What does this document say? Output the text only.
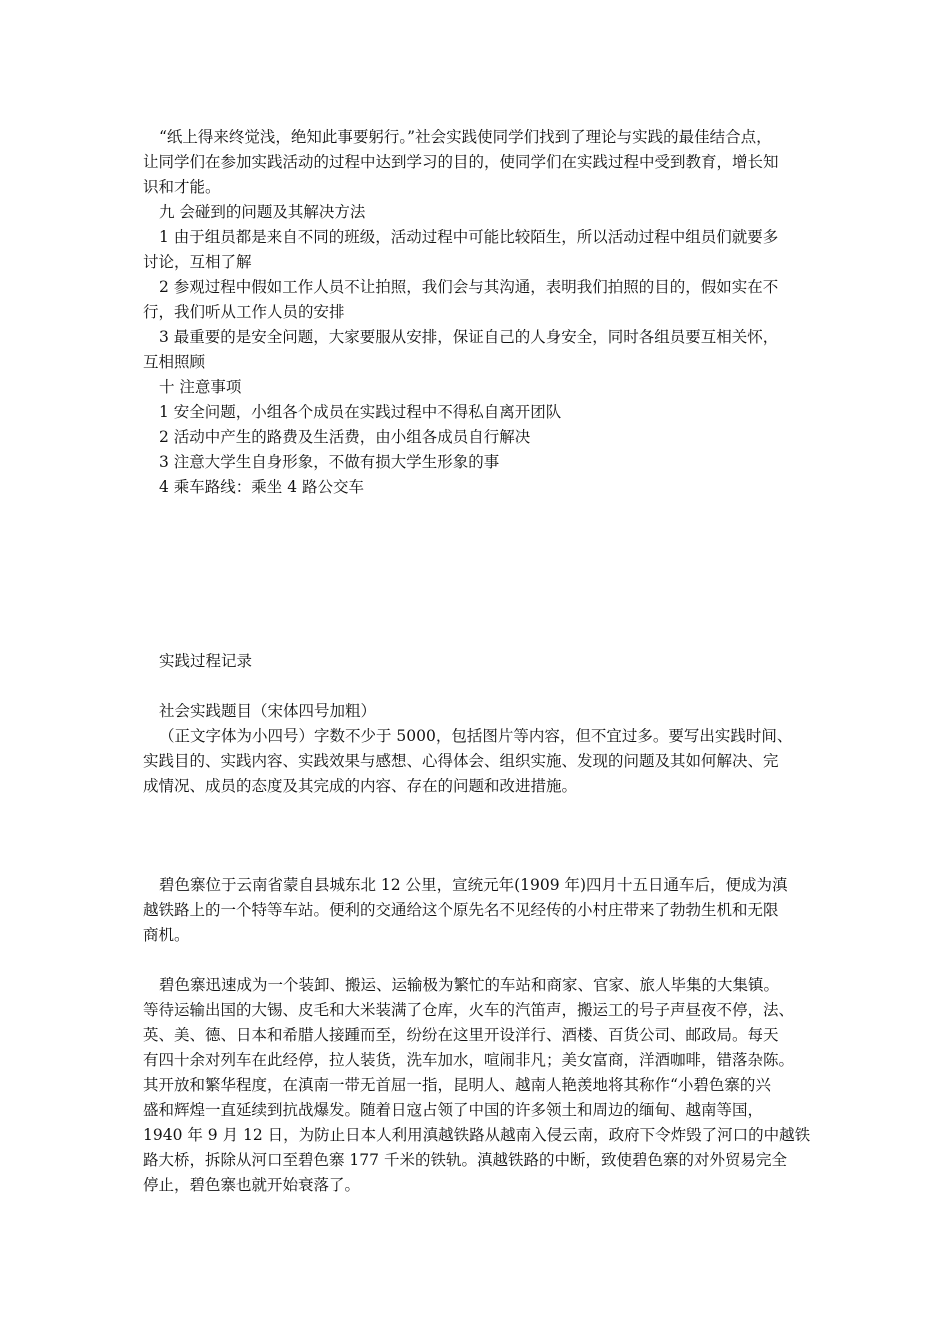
“纸上得来终觉浅，绝知此事要躬行。”社会实践使同学们找到了理论与实践的最佳结合点，
让同学们在参加实践活动的过程中达到学习的目的，使同学们在实践过程中受到教育，增长知
识和才能。
九 会碰到的问题及其解决方法
1 由于组员都是来自不同的班级，活动过程中可能比较陌生，所以活动过程中组员们就要多
讨论，互相了解
2 参观过程中假如工作人员不让拍照，我们会与其沟通，表明我们拍照的目的，假如实在不
行，我们听从工作人员的安排
3 最重要的是安全问题，大家要服从安排，保证自己的人身安全，同时各组员要互相关怀，
互相照顾
十 注意事项
1 安全问题，小组各个成员在实践过程中不得私自离开团队
2 活动中产生的路费及生活费，由小组各成员自行解决
3 注意大学生自身形象，不做有损大学生形象的事
4 乘车路线：乘坐 4 路公交车
实践过程记录
社会实践题目（宋体四号加粗）
（正文字体为小四号）字数不少于 5000，包括图片等内容，但不宜过多。要写出实践时间、
实践目的、实践内容、实践效果与感想、心得体会、组织实施、发现的问题及其如何解决、完
成情况、成员的态度及其完成的内容、存在的问题和改进措施。
碧色寨位于云南省蒙自县城东北 12 公里，宣统元年(1909 年)四月十五日通车后，便成为滇
越铁路上的一个特等车站。便利的交通给这个原先名不见经传的小村庄带来了勃勃生机和无限
商机。
碧色寨迅速成为一个装卸、搬运、运输极为繁忙的车站和商家、官家、旅人毕集的大集镇。
等待运输出国的大锡、皮毛和大米装满了仓库，火车的汽笛声，搬运工的号子声昼夜不停，法、
英、美、德、日本和希腊人接踵而至，纷纷在这里开设洋行、酒楼、百货公司、邮政局。每天
有四十余对列车在此经停，拉人装货，洗车加水，喧闹非凡；美女富商，洋酒咖啡，错落杂陈。
其开放和繁华程度，在滇南一带无首屈一指，昆明人、越南人艳羡地将其称作“小碧色寨的兴
盛和辉煌一直延续到抗战爆发。随着日寇占领了中国的许多领土和周边的缅甸、越南等国，
1940 年 9 月 12 日，为防止日本人利用滇越铁路从越南入侵云南，政府下令炸毁了河口的中越铁
路大桥，拆除从河口至碧色寨 177 千米的铁轨。滇越铁路的中断，致使碧色寨的对外贸易完全
停止，碧色寨也就开始衰落了。
